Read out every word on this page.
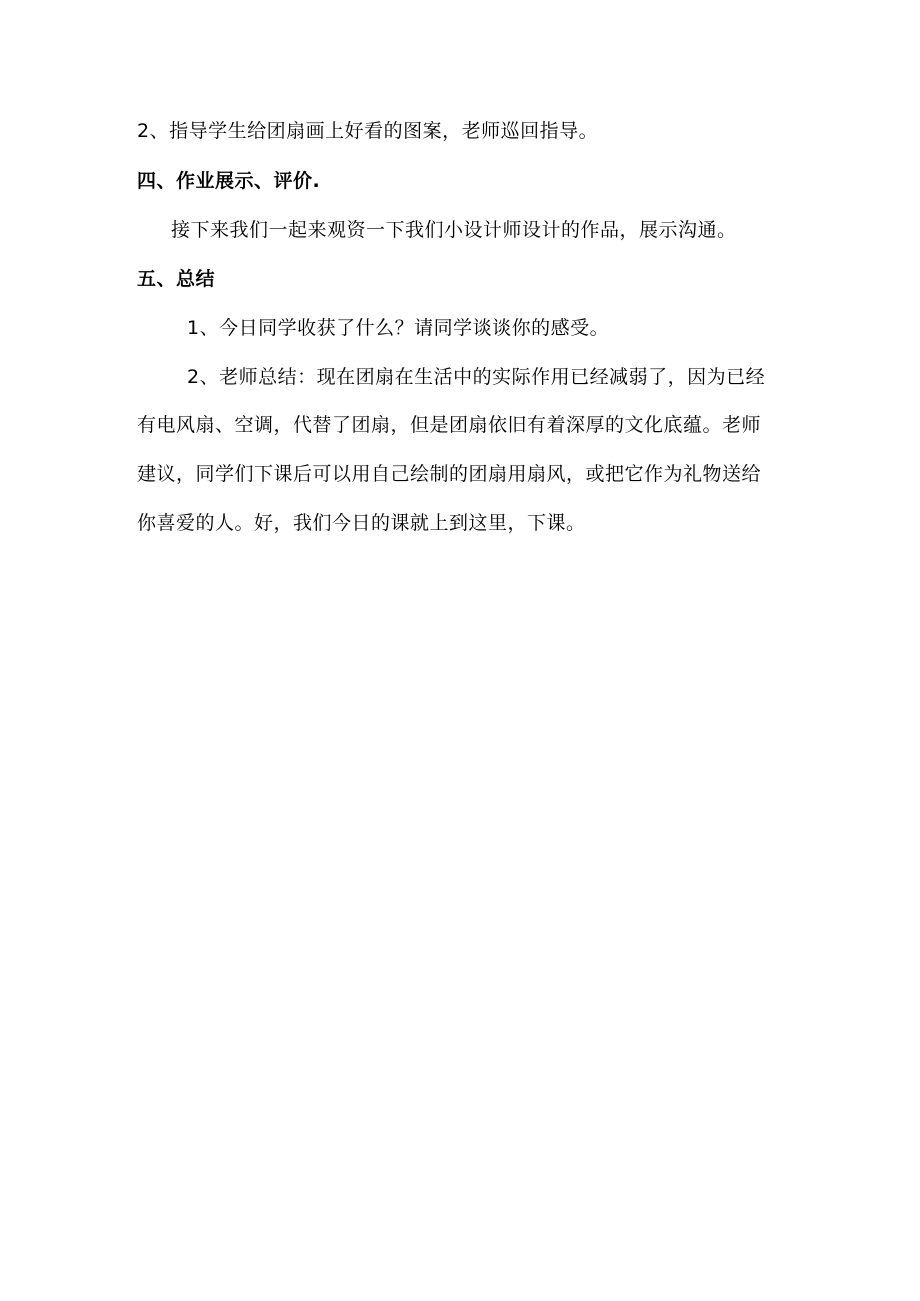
2、指导学生给团扇画上好看的图案，老师巡回指导。
四、作业展示、评价.
接下来我们一起来观资一下我们小设计师设计的作品，展示沟通。
五、总结
1、今日同学收获了什么？请同学谈谈你的感受。
2、老师总结：现在团扇在生活中的实际作用已经减弱了，因为已经
有电风扇、空调，代替了团扇，但是团扇依旧有着深厚的文化底蕴。老师
建议，同学们下课后可以用自己绘制的团扇用扇风，或把它作为礼物送给
你喜爱的人。好，我们今日的课就上到这里，下课。
